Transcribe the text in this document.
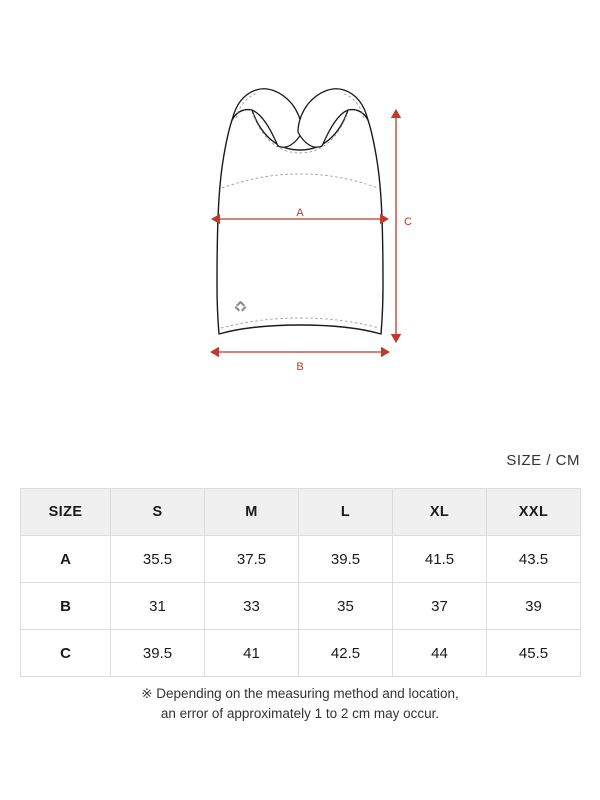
A
B
C
SIZE / CM
SIZE	S	M	L	XL	XXL
A	35.5	37.5	39.5	41.5	43.5
B	31	33	35	37	39
C	39.5	41	42.5	44	45.5
※ Depending on the measuring method and location,
an error of approximately 1 to 2 cm may occur.
